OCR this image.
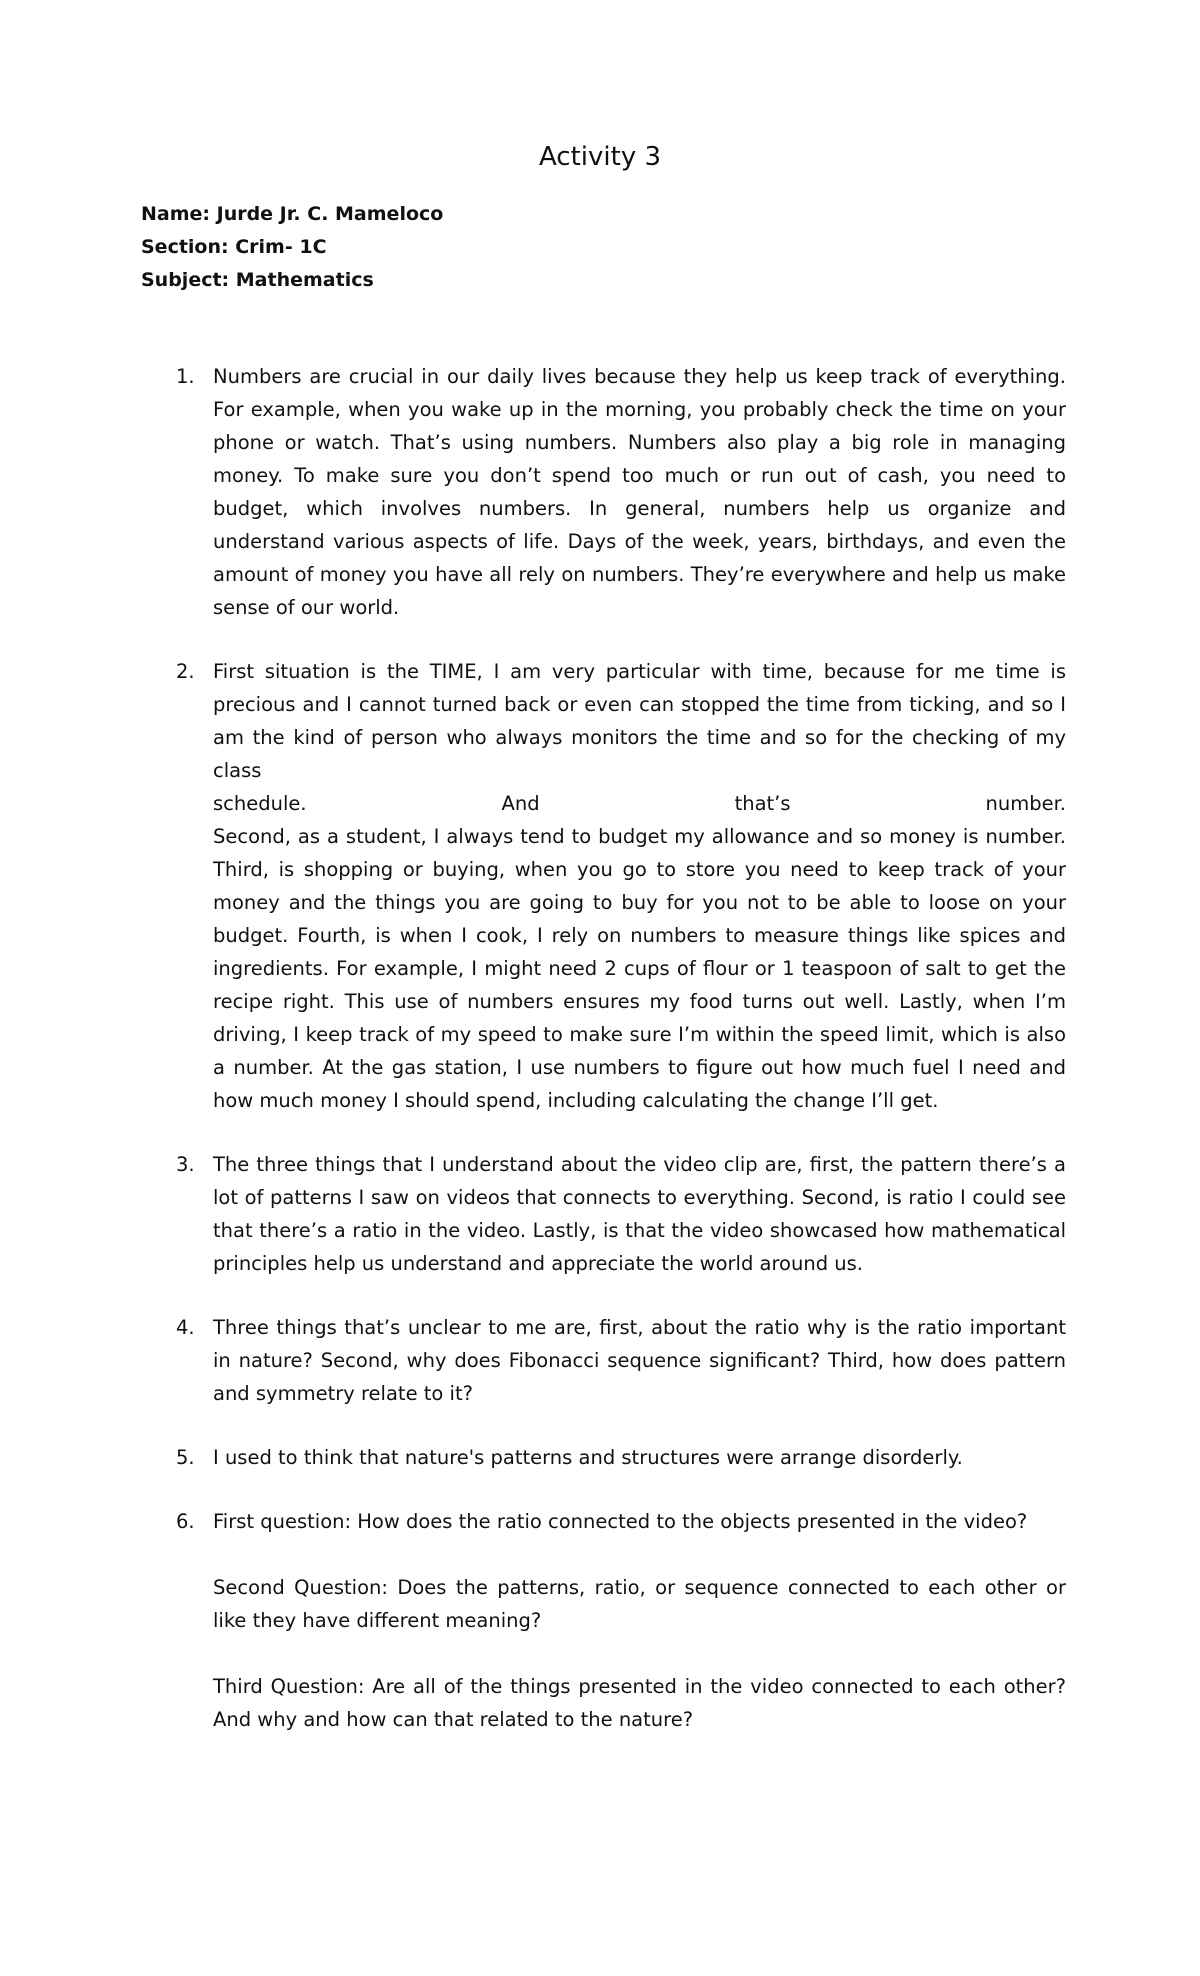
Activity 3
Name: Jurde Jr. C. Mameloco
Section: Crim- 1C
Subject: Mathematics
1. Numbers are crucial in our daily lives because they help us keep track of everything. For example, when you wake up in the morning, you probably check the time on your phone or watch. That’s using numbers. Numbers also play a big role in managing money. To make sure you don’t spend too much or run out of cash, you need to budget, which involves numbers. In general, numbers help us organize and understand various aspects of life. Days of the week, years, birthdays, and even the amount of money you have all rely on numbers. They’re everywhere and help us make sense of our world.

2. First situation is the TIME, I am very particular with time, because for me time is precious and I cannot turned back or even can stopped the time from ticking, and so I am the kind of person who always monitors the time and so for the checking of my class
schedule. And that’s number.
Second, as a student, I always tend to budget my allowance and so money is number. Third, is shopping or buying, when you go to store you need to keep track of your money and the things you are going to buy for you not to be able to loose on your budget. Fourth, is when I cook, I rely on numbers to measure things like spices and ingredients. For example, I might need 2 cups of flour or 1 teaspoon of salt to get the recipe right. This use of numbers ensures my food turns out well. Lastly, when I’m driving, I keep track of my speed to make sure I’m within the speed limit, which is also a number. At the gas station, I use numbers to figure out how much fuel I need and how much money I should spend, including calculating the change I’ll get.
3. The three things that I understand about the video clip are, first, the pattern there’s a lot of patterns I saw on videos that connects to everything. Second, is ratio I could see that there’s a ratio in the video. Lastly, is that the video showcased how mathematical principles help us understand and appreciate the world around us.

4. Three things that’s unclear to me are, first, about the ratio why is the ratio important in nature? Second, why does Fibonacci sequence significant? Third, how does pattern and symmetry relate to it?

5. I used to think that nature's patterns and structures were arrange disorderly.

6. First question: How does the ratio connected to the objects presented in the video?

Second Question: Does the patterns, ratio, or sequence connected to each other or like they have different meaning?

Third Question: Are all of the things presented in the video connected to each other? And why and how can that related to the nature?
